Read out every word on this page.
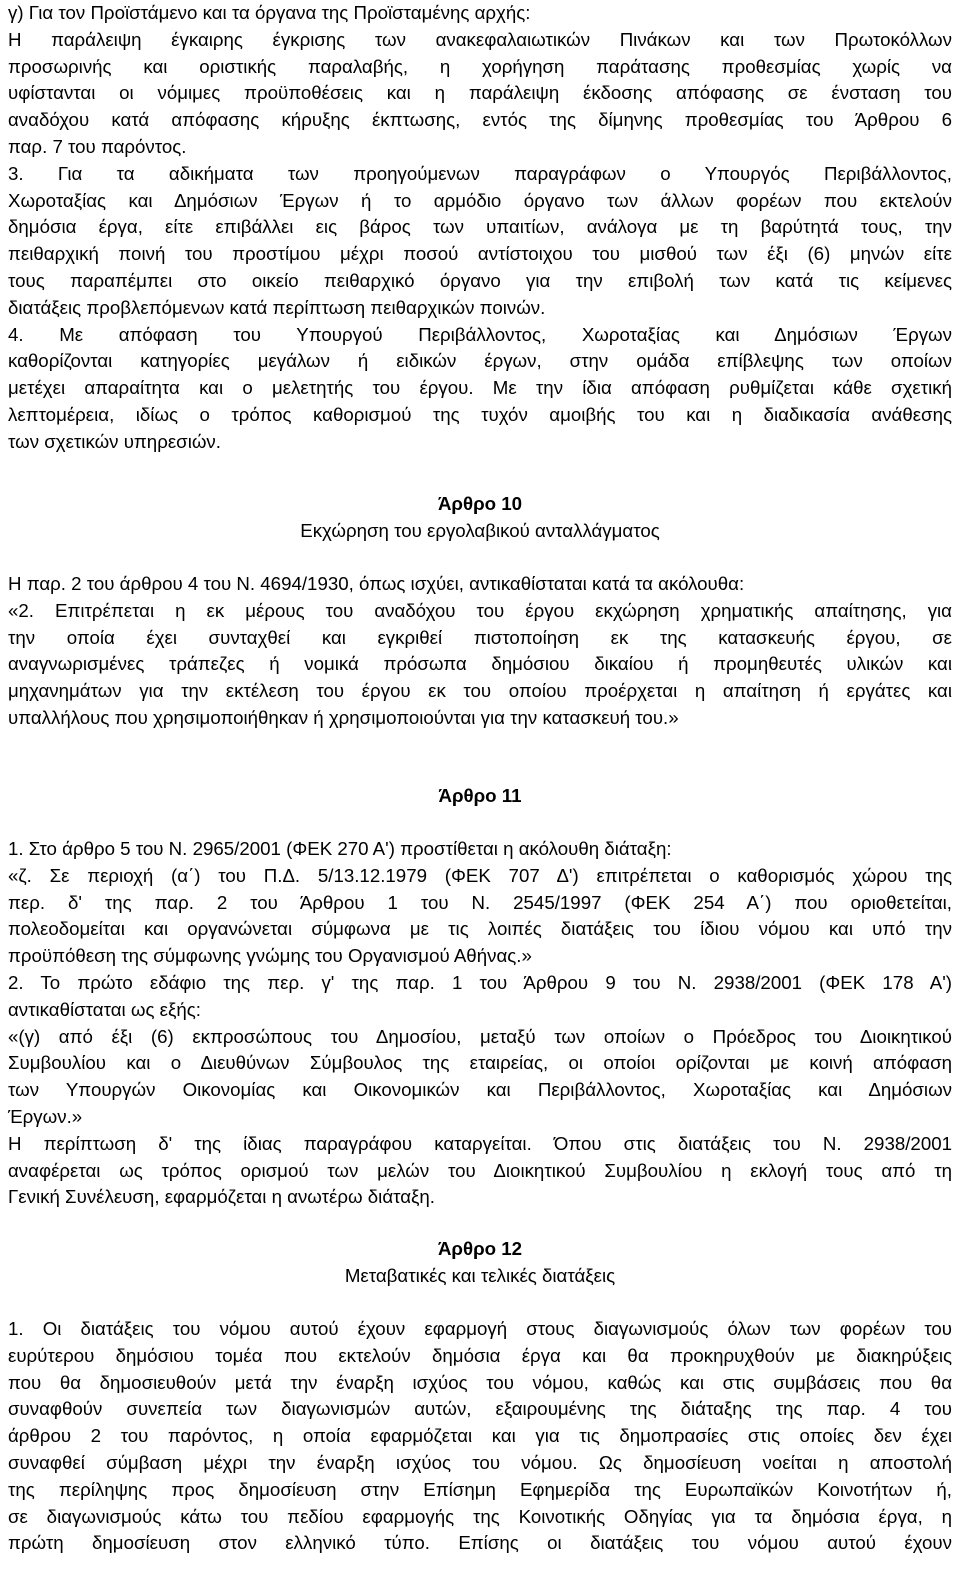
γ) Για τον Προϊστάμενο και τα όργανα της Προϊσταμένης αρχής:
Η παράλειψη έγκαιρης έγκρισης των ανακεφαλαιωτικών Πινάκων και των Πρωτοκόλλων
προσωρινής και οριστικής παραλαβής, η χορήγηση παράτασης προθεσμίας χωρίς να
υφίστανται οι νόμιμες προϋποθέσεις και η παράλειψη έκδοσης απόφασης σε ένσταση του
αναδόχου κατά απόφασης κήρυξης έκπτωσης, εντός της δίμηνης προθεσμίας του Άρθρου 6
παρ. 7 του παρόντος.
3. Για τα αδικήματα των προηγούμενων παραγράφων ο Υπουργός Περιβάλλοντος,
Χωροταξίας και Δημόσιων Έργων ή το αρμόδιο όργανο των άλλων φορέων που εκτελούν
δημόσια έργα, είτε επιβάλλει εις βάρος των υπαιτίων, ανάλογα με τη βαρύτητά τους, την
πειθαρχική ποινή του προστίμου μέχρι ποσού αντίστοιχου του μισθού των έξι (6) μηνών είτε
τους παραπέμπει στο οικείο πειθαρχικό όργανο για την επιβολή των κατά τις κείμενες
διατάξεις προβλεπόμενων κατά περίπτωση πειθαρχικών ποινών.
4. Με απόφαση του Υπουργού Περιβάλλοντος, Χωροταξίας και Δημόσιων Έργων
καθορίζονται κατηγορίες μεγάλων ή ειδικών έργων, στην ομάδα επίβλεψης των οποίων
μετέχει απαραίτητα και ο μελετητής του έργου. Με την ίδια απόφαση ρυθμίζεται κάθε σχετική
λεπτομέρεια, ιδίως ο τρόπος καθορισμού της τυχόν αμοιβής του και η διαδικασία ανάθεσης
των σχετικών υπηρεσιών.
Άρθρο 10
Εκχώρηση του εργολαβικού ανταλλάγματος
Η παρ. 2 του άρθρου 4 του Ν. 4694/1930, όπως ισχύει, αντικαθίσταται κατά τα ακόλουθα:
«2. Επιτρέπεται η εκ μέρους του αναδόχου του έργου εκχώρηση χρηματικής απαίτησης, για
την οποία έχει συνταχθεί και εγκριθεί πιστοποίηση εκ της κατασκευής έργου, σε
αναγνωρισμένες τράπεζες ή νομικά πρόσωπα δημόσιου δικαίου ή προμηθευτές υλικών και
μηχανημάτων για την εκτέλεση του έργου εκ του οποίου προέρχεται η απαίτηση ή εργάτες και
υπαλλήλους που χρησιμοποιήθηκαν ή χρησιμοποιούνται για την κατασκευή του.»
Άρθρο 11
1. Στο άρθρο 5 του Ν. 2965/2001 (ΦΕΚ 270 Α') προστίθεται η ακόλουθη διάταξη:
«ζ. Σε περιοχή (α΄) του Π.Δ. 5/13.12.1979 (ΦΕΚ 707 Δ') επιτρέπεται ο καθορισμός χώρου της
περ. δ' της παρ. 2 του Άρθρου 1 του Ν. 2545/1997 (ΦΕΚ 254 Α΄) που οριοθετείται,
πολεοδομείται και οργανώνεται σύμφωνα με τις λοιπές διατάξεις του ίδιου νόμου και υπό την
προϋπόθεση της σύμφωνης γνώμης του Οργανισμού Αθήνας.»
2. Το πρώτο εδάφιο της περ. γ' της παρ. 1 του Άρθρου 9 του Ν. 2938/2001 (ΦΕΚ 178 Α')
αντικαθίσταται ως εξής:
«(γ) από έξι (6) εκπροσώπους του Δημοσίου, μεταξύ των οποίων ο Πρόεδρος του Διοικητικού
Συμβουλίου και ο Διευθύνων Σύμβουλος της εταιρείας, οι οποίοι ορίζονται με κοινή απόφαση
των Υπουργών Οικονομίας και Οικονομικών και Περιβάλλοντος, Χωροταξίας και Δημόσιων
Έργων.»
Η περίπτωση δ' της ίδιας παραγράφου καταργείται. Όπου στις διατάξεις του Ν. 2938/2001
αναφέρεται ως τρόπος ορισμού των μελών του Διοικητικού Συμβουλίου η εκλογή τους από τη
Γενική Συνέλευση, εφαρμόζεται η ανωτέρω διάταξη.
Άρθρο 12
Μεταβατικές και τελικές διατάξεις
1. Οι διατάξεις του νόμου αυτού έχουν εφαρμογή στους διαγωνισμούς όλων των φορέων του
ευρύτερου δημόσιου τομέα που εκτελούν δημόσια έργα και θα προκηρυχθούν με διακηρύξεις
που θα δημοσιευθούν μετά την έναρξη ισχύος του νόμου, καθώς και στις συμβάσεις που θα
συναφθούν συνεπεία των διαγωνισμών αυτών, εξαιρουμένης της διάταξης της παρ. 4 του
άρθρου 2 του παρόντος, η οποία εφαρμόζεται και για τις δημοπρασίες στις οποίες δεν έχει
συναφθεί σύμβαση μέχρι την έναρξη ισχύος του νόμου. Ως δημοσίευση νοείται η αποστολή
της περίληψης προς δημοσίευση στην Επίσημη Εφημερίδα της Ευρωπαϊκών Κοινοτήτων ή,
σε διαγωνισμούς κάτω του πεδίου εφαρμογής της Κοινοτικής Οδηγίας για τα δημόσια έργα, η
πρώτη δημοσίευση στον ελληνικό τύπο. Επίσης οι διατάξεις του νόμου αυτού έχουν
